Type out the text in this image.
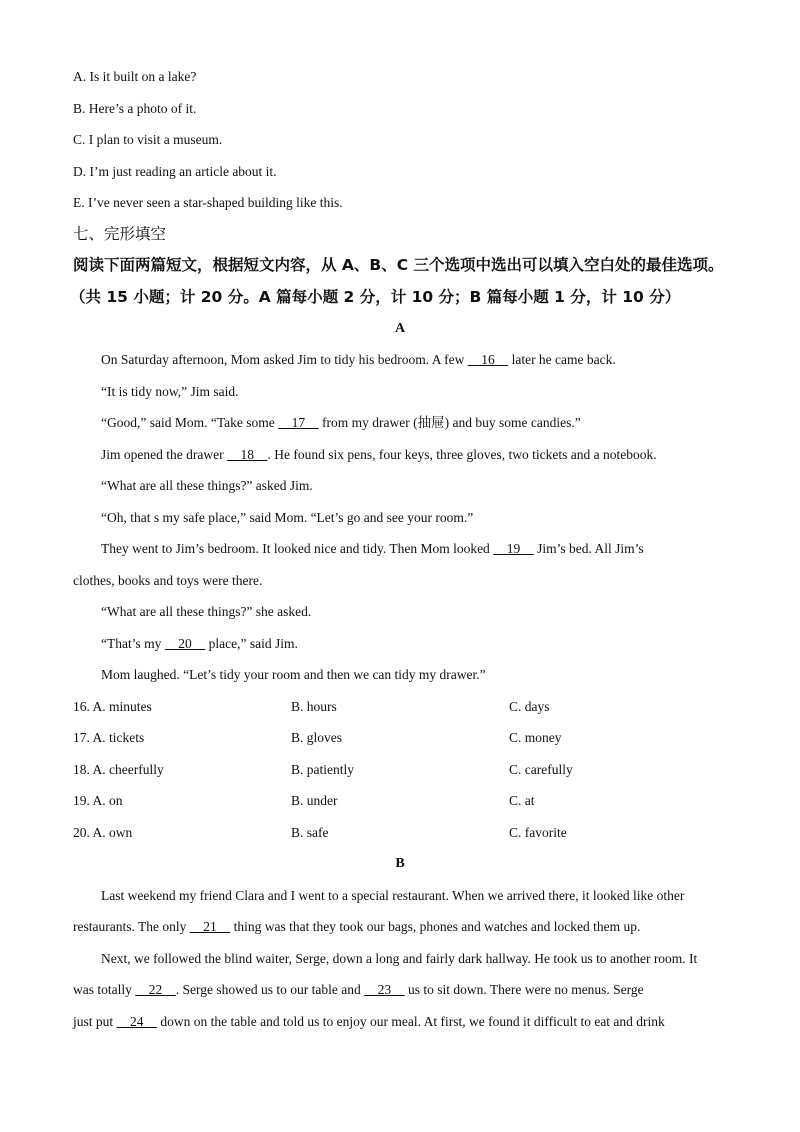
A. Is it built on a lake?
B. Here’s a photo of it.
C. I plan to visit a museum.
D. I’m just reading an article about it.
E. I’ve never seen a star-shaped building like this.
七、完形填空
阅读下面两篇短文，根据短文内容，从 A、B、C 三个选项中选出可以填入空白处的最佳选项。
（共 15 小题；计 20 分。A 篇每小题 2 分，计 10 分；B 篇每小题 1 分，计 10 分）
A
On Saturday afternoon, Mom asked Jim to tidy his bedroom. A few     16     later he came back.
“It is tidy now,” Jim said.
“Good,” said Mom. “Take some     17     from my drawer (抽屉) and buy some candies.”
Jim opened the drawer     18    . He found six pens, four keys, three gloves, two tickets and a notebook.
“What are all these things?” asked Jim.
“Oh, that s my safe place,” said Mom. “Let’s go and see your room.”
They went to Jim’s bedroom. It looked nice and tidy. Then Mom looked     19     Jim’s bed. All Jim’s
clothes, books and toys were there.
“What are all these things?” she asked.
“That’s my     20     place,” said Jim.
Mom laughed. “Let’s tidy your room and then we can tidy my drawer.”
16. A. minutes	B. hours	C. days
17. A. tickets	B. gloves	C. money
18. A. cheerfully	B. patiently	C. carefully
19. A. on	B. under	C. at
20. A. own	B. safe	C. favorite
B
Last weekend my friend Clara and I went to a special restaurant. When we arrived there, it looked like other
restaurants. The only     21     thing was that they took our bags, phones and watches and locked them up.
Next, we followed the blind waiter, Serge, down a long and fairly dark hallway. He took us to another room. It
was totally     22    . Serge showed us to our table and     23     us to sit down. There were no menus. Serge
just put     24     down on the table and told us to enjoy our meal. At first, we found it difficult to eat and drink
